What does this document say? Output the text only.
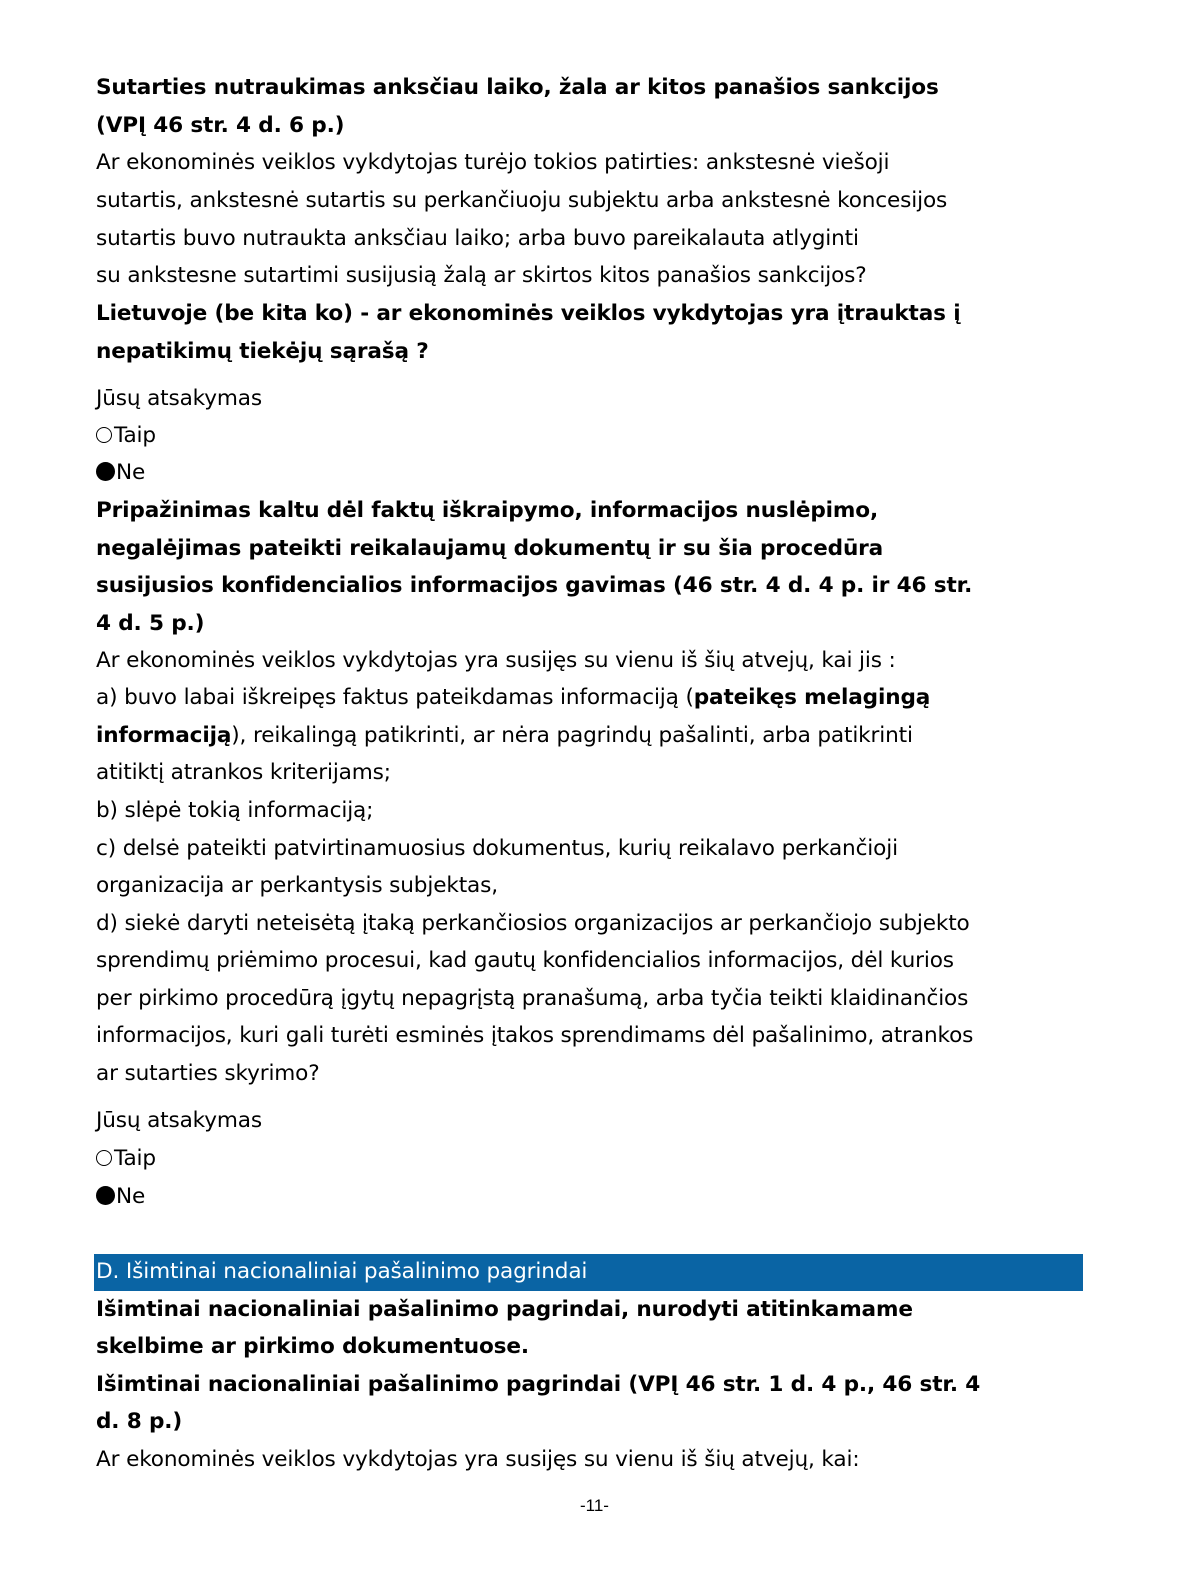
Sutarties nutraukimas anksčiau laiko, žala ar kitos panašios sankcijos
(VPĮ 46 str. 4 d. 6 p.)
Ar ekonominės veiklos vykdytojas turėjo tokios patirties: ankstesnė viešoji
sutartis, ankstesnė sutartis su perkančiuoju subjektu arba ankstesnė koncesijos
sutartis buvo nutraukta anksčiau laiko; arba buvo pareikalauta atlyginti
su ankstesne sutartimi susijusią žalą ar skirtos kitos panašios sankcijos?
Lietuvoje (be kita ko) - ar ekonominės veiklos vykdytojas yra įtrauktas į
nepatikimų tiekėjų sąrašą ?
Jūsų atsakymas
Taip
Ne
Pripažinimas kaltu dėl faktų iškraipymo, informacijos nuslėpimo,
negalėjimas pateikti reikalaujamų dokumentų ir su šia procedūra
susijusios konfidencialios informacijos gavimas (46 str. 4 d. 4 p. ir 46 str.
4 d. 5 p.)
Ar ekonominės veiklos vykdytojas yra susijęs su vienu iš šių atvejų, kai jis :
a) buvo labai iškreipęs faktus pateikdamas informaciją (pateikęs melagingą
informaciją), reikalingą patikrinti, ar nėra pagrindų pašalinti, arba patikrinti
atitiktį atrankos kriterijams;
b) slėpė tokią informaciją;
c) delsė pateikti patvirtinamuosius dokumentus, kurių reikalavo perkančioji
organizacija ar perkantysis subjektas,
d) siekė daryti neteisėtą įtaką perkančiosios organizacijos ar perkančiojo subjekto
sprendimų priėmimo procesui, kad gautų konfidencialios informacijos, dėl kurios
per pirkimo procedūrą įgytų nepagrįstą pranašumą, arba tyčia teikti klaidinančios
informacijos, kuri gali turėti esminės įtakos sprendimams dėl pašalinimo, atrankos
ar sutarties skyrimo?
Jūsų atsakymas
Taip
Ne
D. Išimtinai nacionaliniai pašalinimo pagrindai
Išimtinai nacionaliniai pašalinimo pagrindai, nurodyti atitinkamame
skelbime ar pirkimo dokumentuose.
Išimtinai nacionaliniai pašalinimo pagrindai (VPĮ 46 str. 1 d. 4 p., 46 str. 4
d. 8 p.)
Ar ekonominės veiklos vykdytojas yra susijęs su vienu iš šių atvejų, kai:
-11-
